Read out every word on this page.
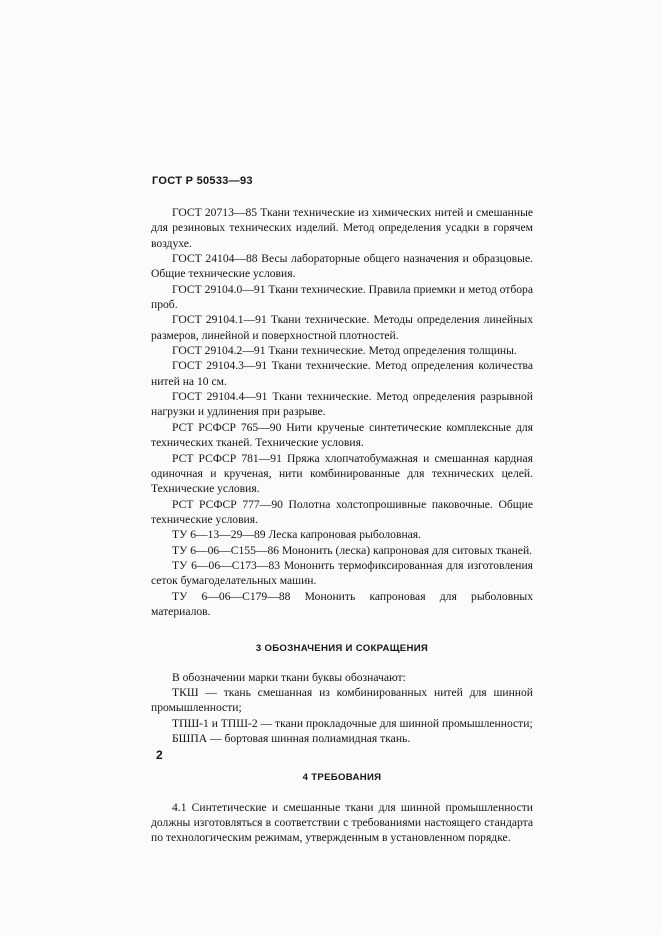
ГОСТ Р 50533—93

ГОСТ 20713—85 Ткани технические из химических нитей и смешанные для резиновых технических изделий. Метод определения усадки в горячем воздухе.

ГОСТ 24104—88 Весы лабораторные общего назначения и образцовые. Общие технические условия.

ГОСТ 29104.0—91 Ткани технические. Правила приемки и метод отбора проб.

ГОСТ 29104.1—91 Ткани технические. Методы определения линейных размеров, линейной и поверхностной плотностей.

ГОСТ 29104.2—91 Ткани технические. Метод определения толщины.

ГОСТ 29104.3—91 Ткани технические. Метод определения количества нитей на 10 см.

ГОСТ 29104.4—91 Ткани технические. Метод определения разрывной нагрузки и удлинения при разрыве.

РСТ РСФСР 765—90 Нити крученые синтетические комплексные для технических тканей. Технические условия.

РСТ РСФСР 781—91 Пряжа хлопчатобумажная и смешанная кардная одиночная и крученая, нити комбинированные для технических целей. Технические условия.

РСТ РСФСР 777—90 Полотна холстопрошивные паковочные. Общие технические условия.

ТУ 6—13—29—89 Леска капроновая рыболовная.

ТУ 6—06—С155—86 Мононить (леска) капроновая для ситовых тканей.

ТУ 6—06—С173—83 Мононить термофиксированная для изготовления сеток бумагоделательных машин.

ТУ 6—06—С179—88 Мононить капроновая для рыболовных материалов.

3 ОБОЗНАЧЕНИЯ И СОКРАЩЕНИЯ

В обозначении марки ткани буквы обозначают:

ТКШ — ткань смешанная из комбинированных нитей для шинной промышленности;

ТПШ-1 и ТПШ-2 — ткани прокладочные для шинной промышленности;

БШПА — бортовая шинная полиамидная ткань.

4 ТРЕБОВАНИЯ

4.1 Синтетические и смешанные ткани для шинной промышленности должны изготовляться в соответствии с требованиями настоящего стандарта по технологическим режимам, утвержденным в установленном порядке.

2
